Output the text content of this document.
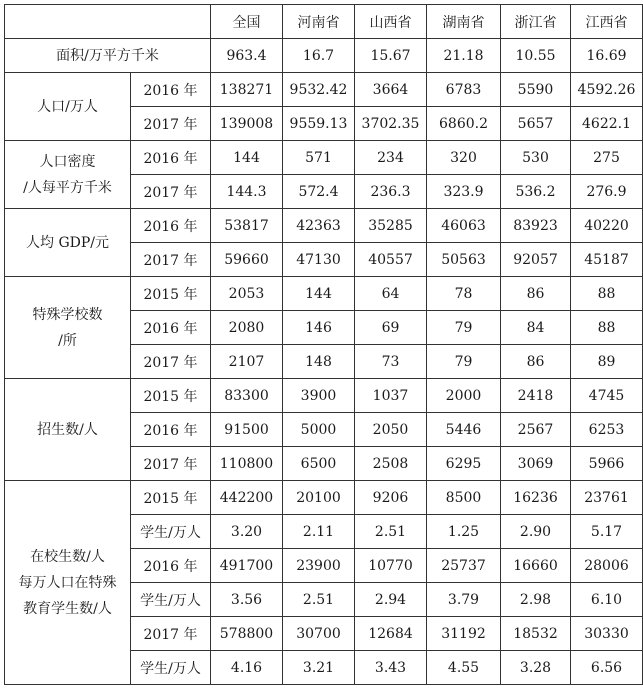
		全国	河南省	山西省	湖南省	浙江省	江西省
面积/万平方千米		963.4	16.7	15.67	21.18	10.55	16.69
人口/万人	2016 年	138271	9532.42	3664	6783	5590	4592.26
	2017 年	139008	9559.13	3702.35	6860.2	5657	4622.1
人口密度
/人每平方千米	2016 年	144	571	234	320	530	275
	2017 年	144.3	572.4	236.3	323.9	536.2	276.9
人均 GDP/元	2016 年	53817	42363	35285	46063	83923	40220
	2017 年	59660	47130	40557	50563	92057	45187
特殊学校数
/所	2015 年	2053	144	64	78	86	88
	2016 年	2080	146	69	79	84	88
	2017 年	2107	148	73	79	86	89
招生数/人	2015 年	83300	3900	1037	2000	2418	4745
	2016 年	91500	5000	2050	5446	2567	6253
	2017 年	110800	6500	2508	6295	3069	5966
在校生数/人
每万人口在特殊
教育学生数/人	2015 年	442200	20100	9206	8500	16236	23761
	学生/万人	3.20	2.11	2.51	1.25	2.90	5.17
	2016 年	491700	23900	10770	25737	16660	28006
	学生/万人	3.56	2.51	2.94	3.79	2.98	6.10
	2017 年	578800	30700	12684	31192	18532	30330
	学生/万人	4.16	3.21	3.43	4.55	3.28	6.56
